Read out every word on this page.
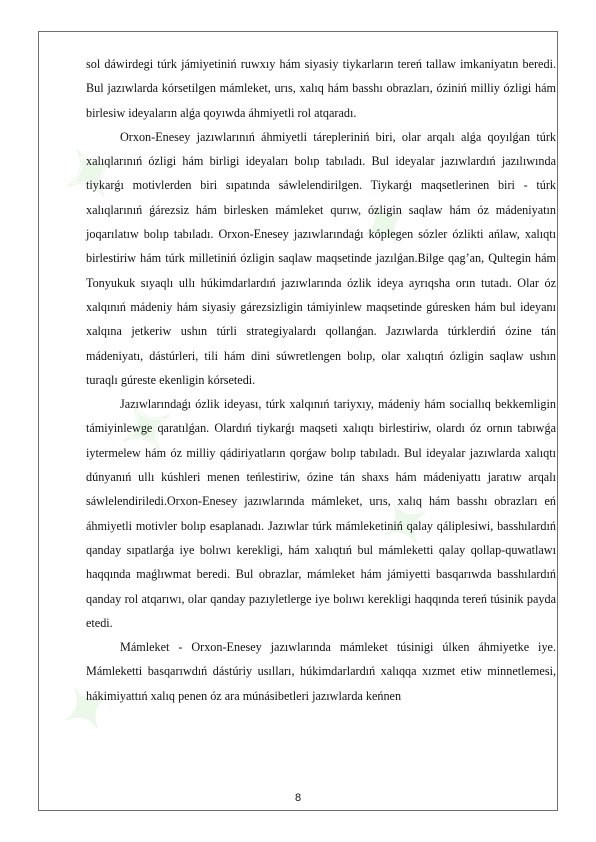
✦
✦
✦
✦
✦

sol dáwirdegi túrk jámiyetiniń ruwxıy hám siyasiy tiykarların tereń tallaw imkaniyatın beredi. Bul jazıwlarda kórsetilgen mámleket, urıs, xalıq hám basshı obrazları, óziniń milliy ózligi hám birlesiw ideyaların alǵa qoyıwda áhmiyetli rol atqaradı.

Orxon-Enesey jazıwlarınıń áhmiyetli tárepleriniń biri, olar arqalı alǵa qoyılǵan túrk xalıqlarınıń ózligi hám birligi ideyaları bolıp tabıladı. Bul ideyalar jazıwlardıń jazılıwında tiykarǵı motivlerden biri sıpatında sáwlelendirilgen. Tiykarǵı maqsetlerinen biri - túrk xalıqlarınıń ǵárezsiz hám birlesken mámleket qurıw, ózligin saqlaw hám óz mádeniyatın joqarılatıw bolıp tabıladı. Orxon-Enesey jazıwlarındaǵı kóplegen sózler ózlikti ańlaw, xalıqtı birlestiriw hám túrk milletiniń ózligin saqlaw maqsetinde jazılǵan.Bilge qag’an, Qultegin hám Tonyukuk sıyaqlı ullı húkimdarlardıń jazıwlarında ózlik ideya ayrıqsha orın tutadı. Olar óz xalqınıń mádeniy hám siyasiy gárezsizligin támiyinlew maqsetinde gúresken hám bul ideyanı xalqına jetkeriw ushın túrli strategiyalardı qollanǵan. Jazıwlarda túrklerdiń ózine tán mádeniyatı, dástúrleri, tili hám dini súwretlengen bolıp, olar xalıqtıń ózligin saqlaw ushın turaqlı gúreste ekenligin kórsetedi.

Jazıwlarındaǵı ózlik ideyası, túrk xalqınıń tariyxıy, mádeniy hám sociallıq bekkemligin támiyinlewge qaratılǵan. Olardıń tiykarǵı maqseti xalıqtı birlestiriw, olardı óz ornın tabıwǵa iytermelew hám óz milliy qádiriyatların qorǵaw bolıp tabıladı. Bul ideyalar jazıwlarda xalıqtı dúnyanıń ullı kúshleri menen teńlestiriw, ózine tán shaxs hám mádeniyattı jaratıw arqalı sáwlelendiriledi.Orxon-Enesey jazıwlarında mámleket, urıs, xalıq hám basshı obrazları eń áhmiyetli motivler bolıp esaplanadı. Jazıwlar túrk mámleketiniń qalay qáliplesiwi, basshılardıń qanday sıpatlarǵa iye bolıwı kerekligi, hám xalıqtıń bul mámleketti qalay qollap-quwatlawı haqqında maǵlıwmat beredi. Bul obrazlar, mámleket hám jámiyetti basqarıwda basshılardıń qanday rol atqarıwı, olar qanday pazıyletlerge iye bolıwı kerekligi haqqında tereń túsinik payda etedi.

Mámleket - Orxon-Enesey jazıwlarında mámleket túsinigi úlken áhmiyetke iye. Mámleketti basqarıwdıń dástúriy usılları, húkimdarlardıń xalıqqa xızmet etiw minnetlemesi, hákimiyattıń xalıq penen óz ara múnásibetleri jazıwlarda keńnen

8
